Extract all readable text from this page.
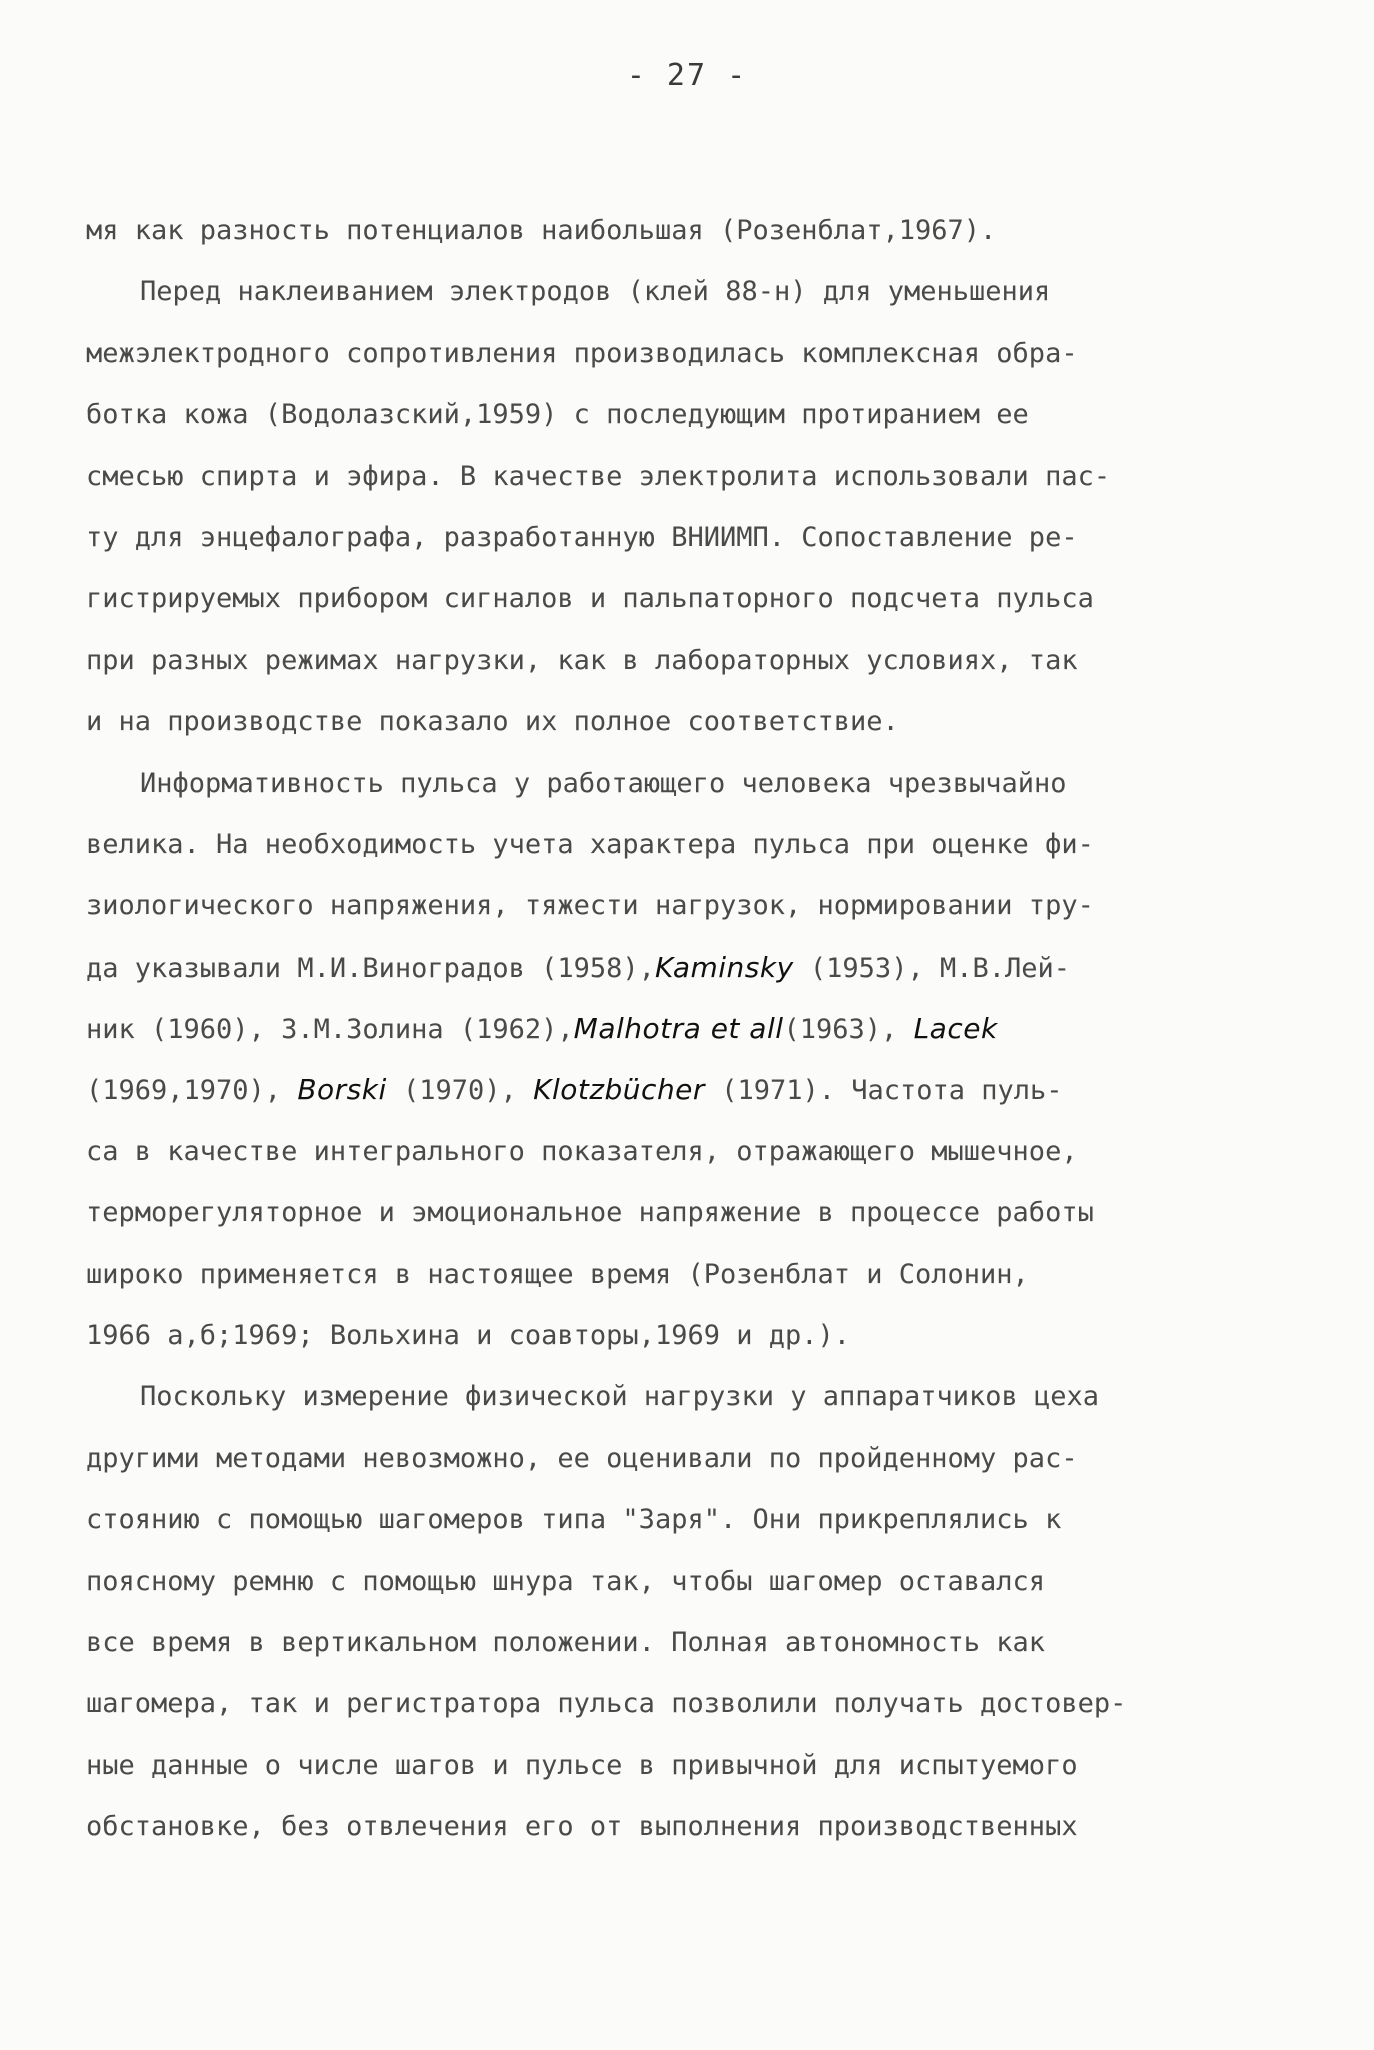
- 27 -
мя как разность потенциалов наибольшая (Розенблат,1967).
Перед наклеиванием электродов (клей 88-н) для уменьшения
межэлектродного сопротивления производилась комплексная обра-
ботка кожа (Водолазский,1959) с последующим протиранием ее
смесью спирта и эфира. В качестве электролита использовали пас-
ту для энцефалографа, разработанную ВНИИМП. Сопоставление ре-
гистрируемых прибором сигналов и пальпаторного подсчета пульса
при разных режимах нагрузки, как в лабораторных условиях, так
и на производстве показало их полное соответствие.
Информативность пульса у работающего человека чрезвычайно
велика. На необходимость учета характера пульса при оценке фи-
зиологического напряжения, тяжести нагрузок, нормировании тру-
да указывали М.И.Виноградов (1958),Kaminsky (1953), М.В.Лей-
ник (1960), З.М.Золина (1962),Malhotra et all(1963), Lacek
(1969,1970), Borski (1970), Klotzbücher (1971). Частота пуль-
са в качестве интегрального показателя, отражающего мышечное,
терморегуляторное и эмоциональное напряжение в процессе работы
широко применяется в настоящее время (Розенблат и Солонин,
1966 а,б;1969; Вольхина и соавторы,1969 и др.).
Поскольку измерение физической нагрузки у аппаратчиков цеха
другими методами невозможно, ее оценивали по пройденному рас-
стоянию с помощью шагомеров типа "Заря". Они прикреплялись к
поясному ремню с помощью шнура так, чтобы шагомер оставался
все время в вертикальном положении. Полная автономность как
шагомера, так и регистратора пульса позволили получать достовер-
ные данные о числе шагов и пульсе в привычной для испытуемого
обстановке, без отвлечения его от выполнения производственных
